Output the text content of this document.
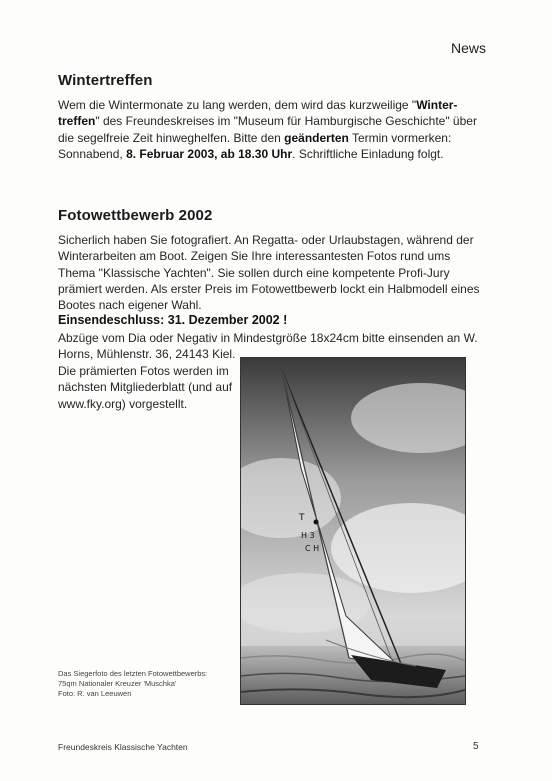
News
Wintertreffen
Wem die Wintermonate zu lang werden, dem wird das kurzweilige "Winter-treffen" des Freundeskreises im "Museum für Hamburgische Geschichte" über die segelfreie Zeit hinweghelfen. Bitte den geänderten Termin vormerken: Sonnabend, 8. Februar 2003, ab 18.30 Uhr. Schriftliche Einladung folgt.
Fotowettbewerb 2002
Sicherlich haben Sie fotografiert. An Regatta- oder Urlaubstagen, während der Winterarbeiten am Boot. Zeigen Sie Ihre interessantesten Fotos rund ums Thema "Klassische Yachten". Sie sollen durch eine kompetente Profi-Jury prämiert werden. Als erster Preis im Fotowettbewerb lockt ein Halbmodell eines Bootes nach eigener Wahl.
Einsendeschluss: 31. Dezember 2002 !
Abzüge vom Dia oder Negativ in Mindestgröße 18x24cm bitte einsenden an W. Horns, Mühlenstr. 36, 24143 Kiel.
Die prämierten Fotos werden im nächsten Mitgliederblatt (und auf www.fky.org) vorgestellt.
T
H 3
C H
Das Siegerfoto des letzten Fotowettbewerbs:
75qm Nationaler Kreuzer 'Muschka'
Foto: R. van Leeuwen
Freundeskreis Klassische Yachten	5
